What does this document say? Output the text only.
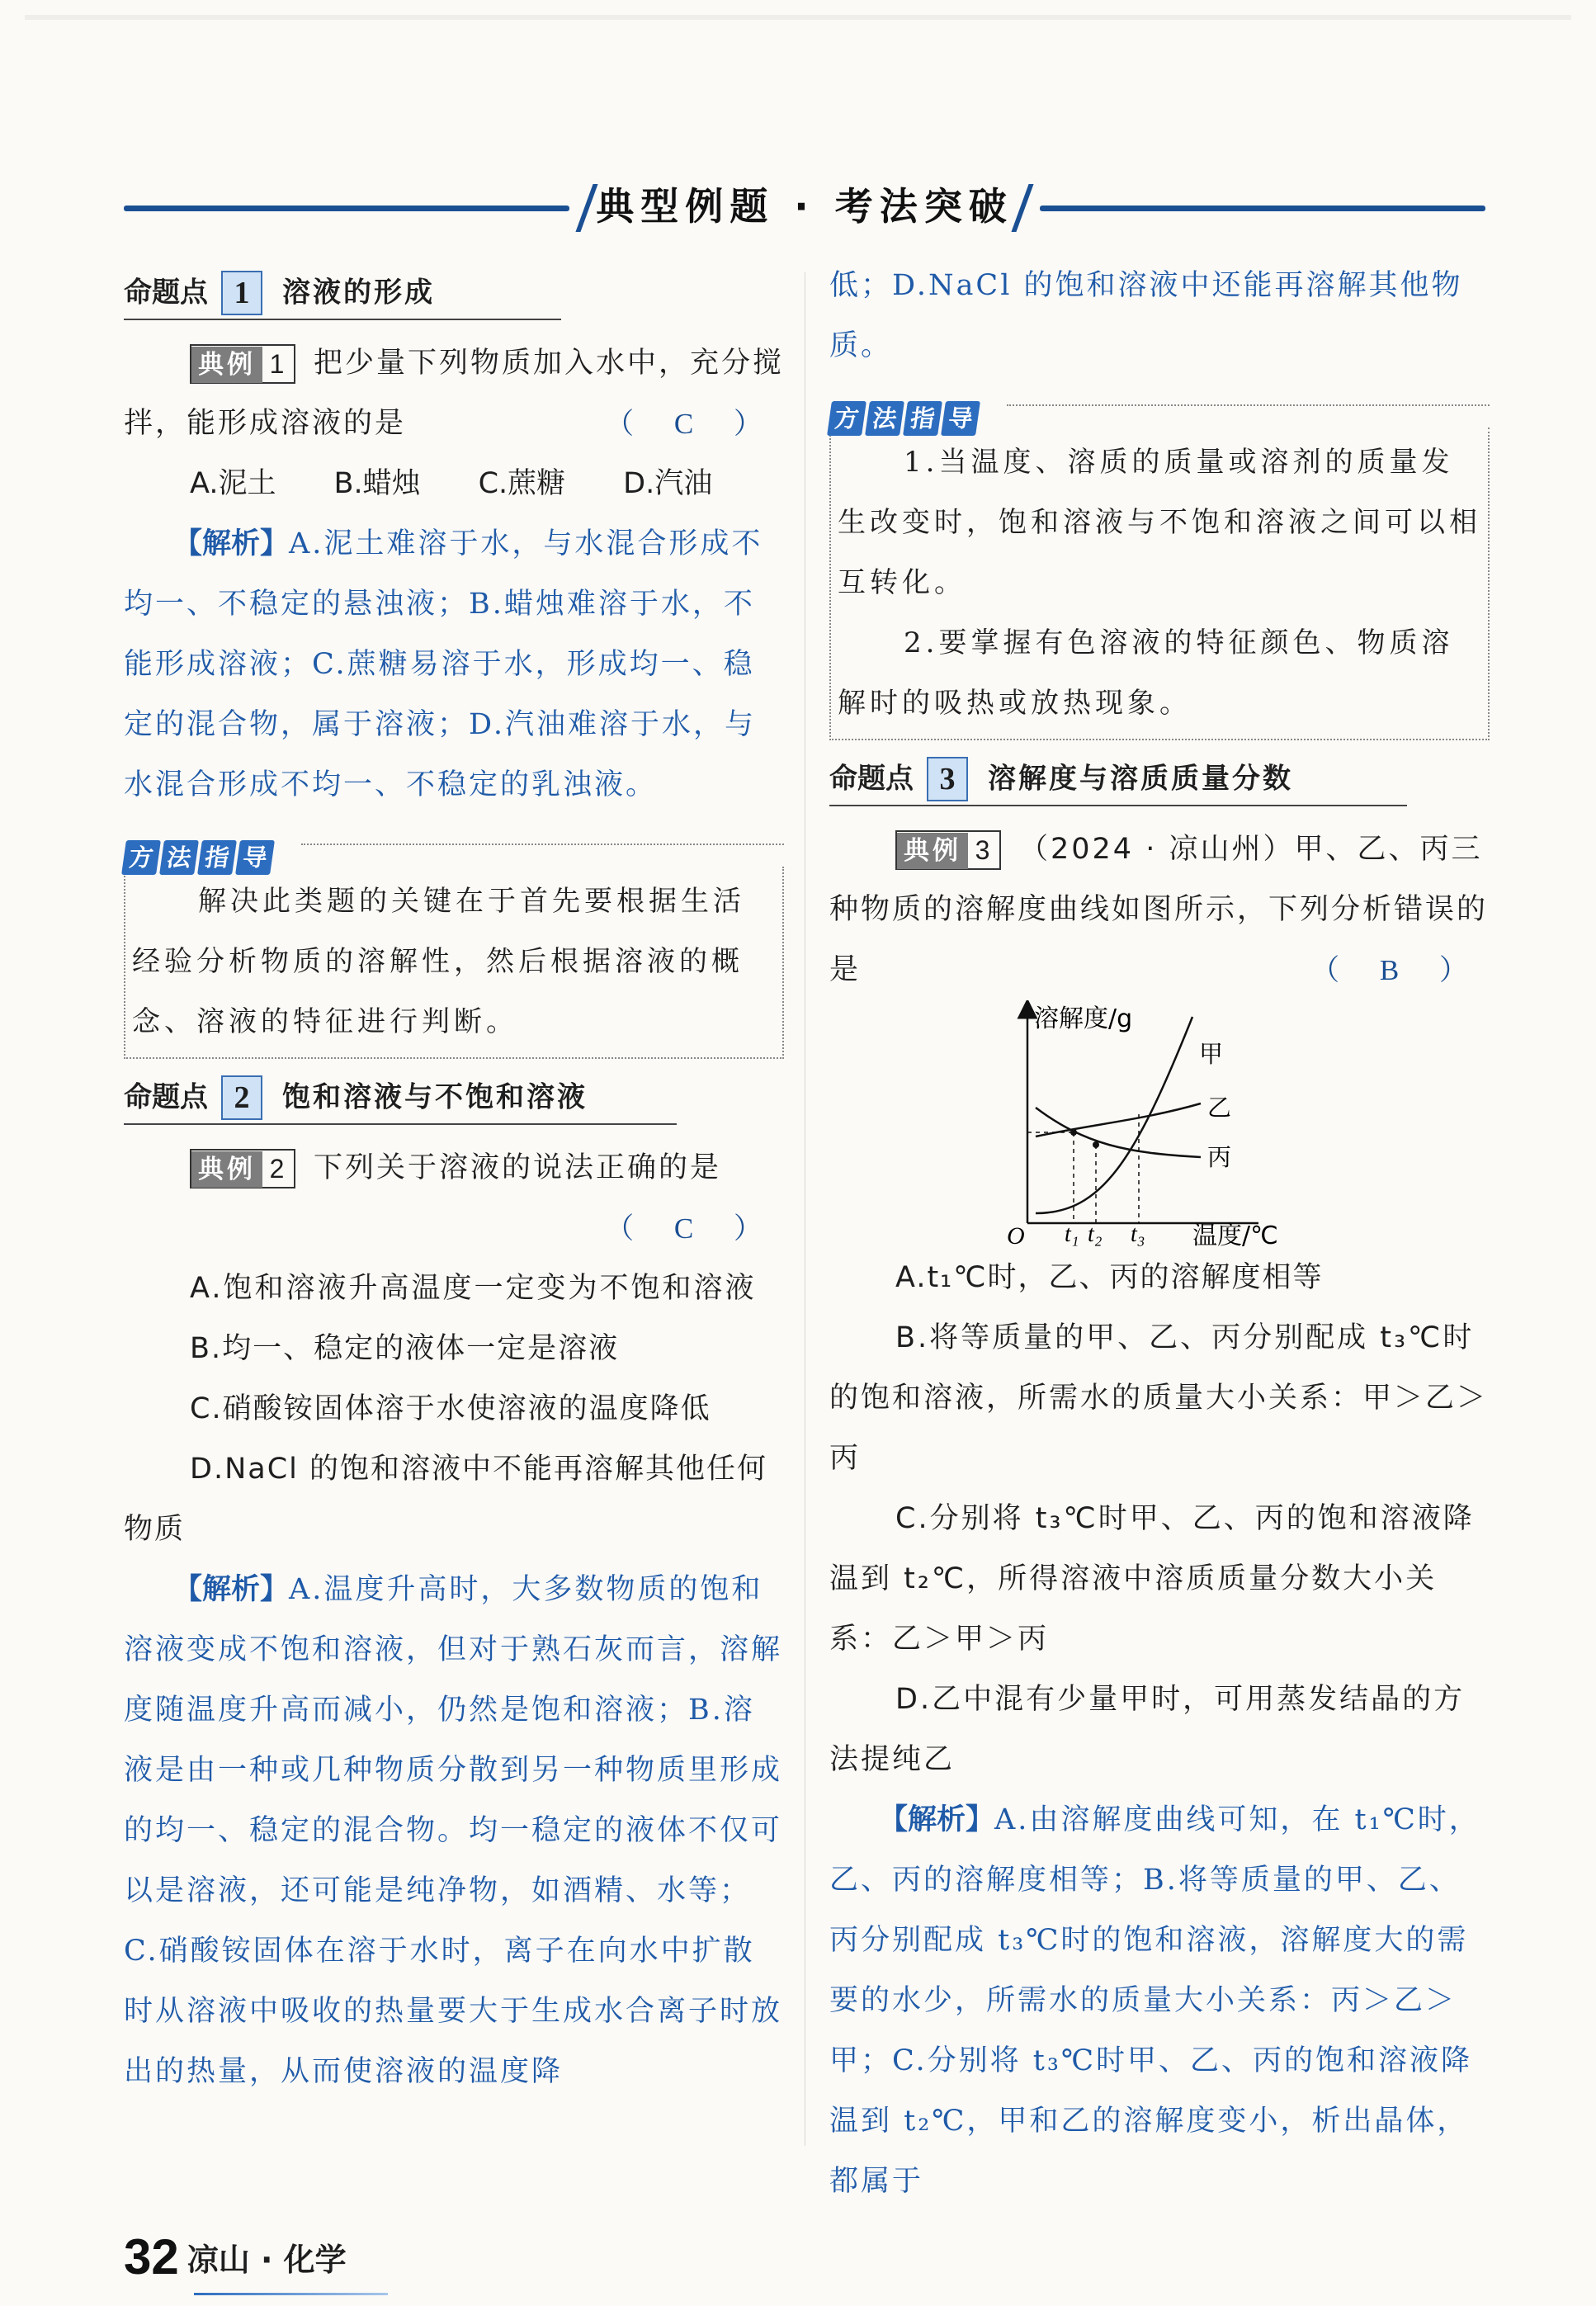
典型例题 · 考法突破
命题点 1 溶液的形成

典例 1 把少量下列物质加入水中，充分搅拌，能形成溶液的是	（ C ）

A.泥土　　B.蜡烛　　C.蔗糖　　D.汽油

【解析】A.泥土难溶于水，与水混合形成不均一、不稳定的悬浊液；B.蜡烛难溶于水，不能形成溶液；C.蔗糖易溶于水，形成均一、稳定的混合物，属于溶液；D.汽油难溶于水，与水混合形成不均一、不稳定的乳浊液。

方 法 指 导

解决此类题的关键在于首先要根据生活经验分析物质的溶解性，然后根据溶液的概念、溶液的特征进行判断。

命题点 2 饱和溶液与不饱和溶液

典例 2 下列关于溶液的说法正确的是

（ C ）

A.饱和溶液升高温度一定变为不饱和溶液

B.均一、稳定的液体一定是溶液

C.硝酸铵固体溶于水使溶液的温度降低

D.NaCl 的饱和溶液中不能再溶解其他任何物质

【解析】A.温度升高时，大多数物质的饱和溶液变成不饱和溶液，但对于熟石灰而言，溶解度随温度升高而减小，仍然是饱和溶液；B.溶液是由一种或几种物质分散到另一种物质里形成的均一、稳定的混合物。均一稳定的液体不仅可以是溶液，还可能是纯净物，如酒精、水等；C.硝酸铵固体在溶于水时，离子在向水中扩散时从溶液中吸收的热量要大于生成水合离子时放出的热量，从而使溶液的温度降

低；D.NaCl 的饱和溶液中还能再溶解其他物质。

方 法 指 导

1.当温度、溶质的质量或溶剂的质量发生改变时，饱和溶液与不饱和溶液之间可以相互转化。

2.要掌握有色溶液的特征颜色、物质溶解时的吸热或放热现象。

命题点 3 溶解度与溶质质量分数

典例 3 （2024 · 凉山州）甲、乙、丙三种物质的溶解度曲线如图所示，下列分析错误的是	（ B ）

溶解度/g
温度/℃
O t₁ t₂ t₃
甲
乙
丙

A.t₁℃时，乙、丙的溶解度相等

B.将等质量的甲、乙、丙分别配成 t₃℃时的饱和溶液，所需水的质量大小关系：甲＞乙＞丙

C.分别将 t₃℃时甲、乙、丙的饱和溶液降温到 t₂℃，所得溶液中溶质质量分数大小关系：乙＞甲＞丙

D.乙中混有少量甲时，可用蒸发结晶的方法提纯乙

【解析】A.由溶解度曲线可知，在 t₁℃时，乙、丙的溶解度相等；B.将等质量的甲、乙、丙分别配成 t₃℃时的饱和溶液，溶解度大的需要的水少，所需水的质量大小关系：丙＞乙＞甲；C.分别将 t₃℃时甲、乙、丙的饱和溶液降温到 t₂℃，甲和乙的溶解度变小，析出晶体，都属于

32 凉山 · 化学
